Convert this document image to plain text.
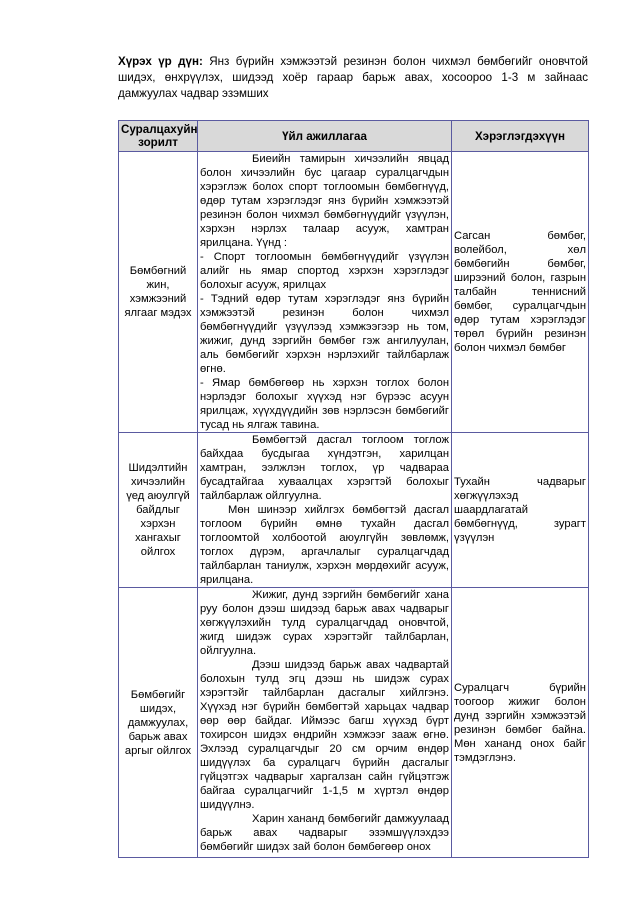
Хүрэх үр дүн: Янз бүрийн хэмжээтэй резинэн болон чихмэл бөмбөгийг оновчтой шидэх, өнхрүүлэх, шидээд хоёр гараар барьж авах, хосоороо 1-3 м зайнаас дамжуулах чадвар эзэмших

Суралцахуйн зорилт	Үйл ажиллагаа	Хэрэглэгдэхүүн
Бөмбөгний жин, хэмжээний ялгааг мэдэх	Биеийн тамирын хичээлийн явцад болон хичээлийн бус цагаар суралцагчдын хэрэглэж болох спорт тоглоомын бөмбөгнүүд, өдөр тутам хэрэглэдэг янз бүрийн хэмжээтэй резинэн болон чихмэл бөмбөгнүүдийг үзүүлэн, хэрхэн нэрлэх талаар асууж, хамтран ярилцана. Үүнд :

- Спорт тоглоомын бөмбөгнүүдийг үзүүлэн алийг нь ямар спортод хэрхэн хэрэглэдэг болохыг асууж, ярилцах

- Тэдний өдөр тутам хэрэглэдэг янз бүрийн хэмжээтэй резинэн болон чихмэл бөмбөгнүүдийг үзүүлээд хэмжээгээр нь том, жижиг, дунд зэргийн бөмбөг гэж ангилуулан, аль бөмбөгийг хэрхэн нэрлэхийг тайлбарлаж өгнө.

- Ямар бөмбөгөөр нь хэрхэн тоглох болон нэрлэдэг болохыг хүүхэд нэг бүрээс асуун ярилцаж, хүүхдүүдийн зөв нэрлэсэн бөмбөгийг тусад нь ялгаж тавина.	Сагсан бөмбөг, волейбол, хөл бөмбөгийн бөмбөг, ширээний болон, газрын талбайн теннисний бөмбөг, суралцагчдын өдөр тутам хэрэглэдэг төрөл бүрийн резинэн болон чихмэл бөмбөг
Шидэлтийн хичээлийн үед аюулгүй байдлыг хэрхэн хангахыг ойлгох	Бөмбөгтэй дасгал тоглоом тоглож байхдаа бусдыгаа хүндэтгэн, харилцан хамтран, ээлжлэн тоглох, үр чадвараа бусадтайгаа хуваалцах хэрэгтэй болохыг тайлбарлаж ойлгуулна.

Мөн шинээр хийлгэх бөмбөгтэй дасгал тоглоом бүрийн өмнө тухайн дасгал тоглоомтой холбоотой аюулгүйн зөвлөмж, тоглох дүрэм, аргачлалыг суралцагчдад тайлбарлан таниулж, хэрхэн мөрдөхийг асууж, ярилцана.	Тухайн чадварыг хөгжүүлэхэд шаардлагатай бөмбөгнүүд, зурагт үзүүлэн
Бөмбөгийг шидэх, дамжуулах, барьж авах аргыг ойлгох	Жижиг, дунд зэргийн бөмбөгийг хана руу болон дээш шидээд барьж авах чадварыг хөгжүүлэхийн тулд суралцагчдад оновчтой, жигд шидэж сурах хэрэгтэйг тайлбарлан, ойлгуулна.

Дээш шидээд барьж авах чадвартай болохын тулд эгц дээш нь шидэж сурах хэрэгтэйг тайлбарлан дасгалыг хийлгэнэ. Хүүхэд нэг бүрийн бөмбөгтэй харьцах чадвар өөр өөр байдаг. Иймээс багш хүүхэд бүрт тохирсон шидэх өндрийн хэмжээг зааж өгнө. Эхлээд суралцагчдыг 20 см орчим өндөр шидүүлэх ба суралцагч бүрийн дасгалыг гүйцэтгэх чадварыг харгалзан сайн гүйцэтгэж байгаа суралцагчийг 1-1,5 м хүртэл өндөр шидүүлнэ.

Харин хананд бөмбөгийг дамжуулаад барьж авах чадварыг эзэмшүүлэхдээ бөмбөгийг шидэх зай болон бөмбөгөөр онох	Суралцагч бүрийн тоогоор жижиг болон дунд зэргийн хэмжээтэй резинэн бөмбөг байна. Мөн хананд онох байг тэмдэглэнэ.
